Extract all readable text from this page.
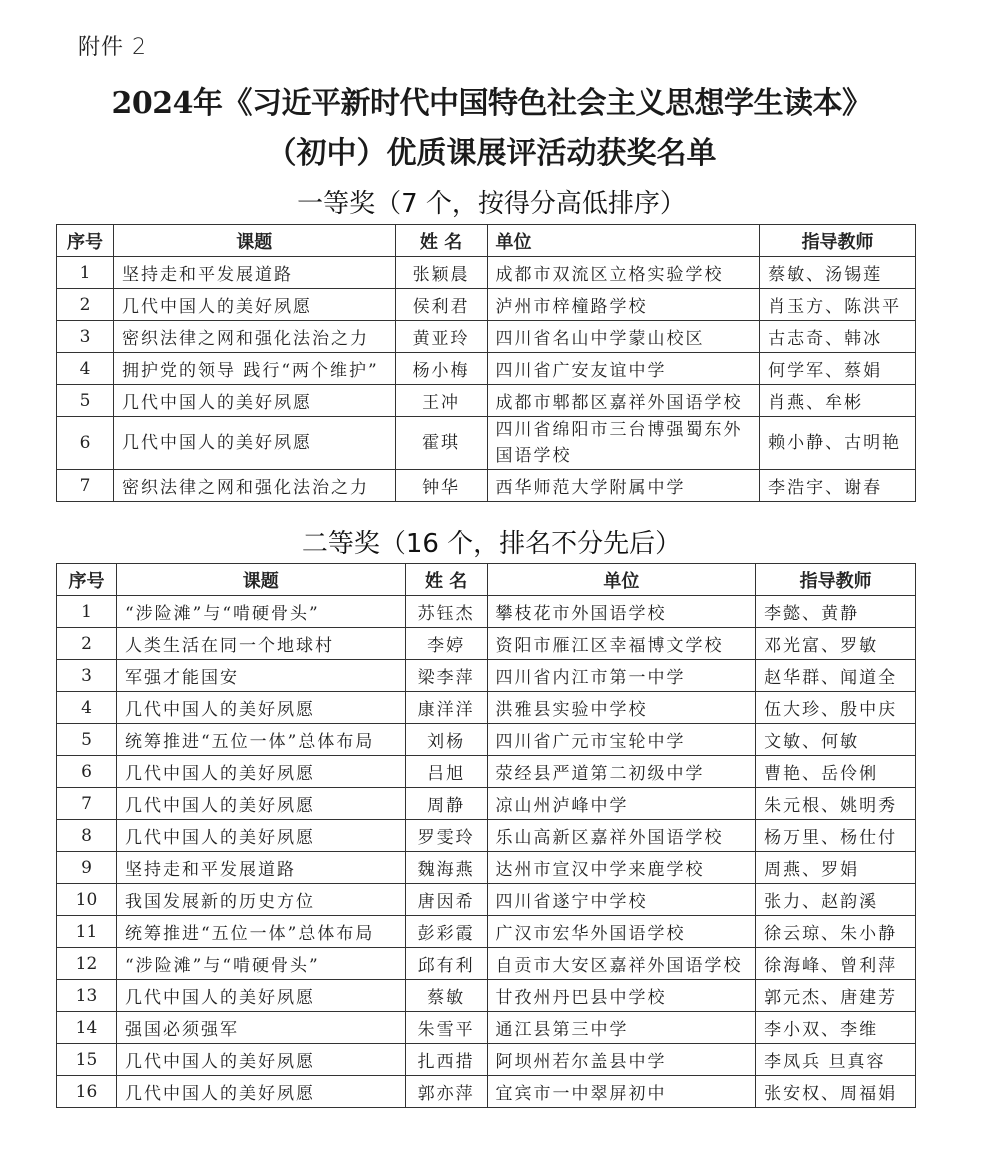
附件 2
2024年《习近平新时代中国特色社会主义思想学生读本》
（初中）优质课展评活动获奖名单
一等奖（7 个，按得分高低排序）
序号	课题	姓 名	单位	指导教师
1	坚持走和平发展道路	张颖晨	成都市双流区立格实验学校	蔡敏、汤锡莲
2	几代中国人的美好夙愿	侯利君	泸州市梓橦路学校	肖玉方、陈洪平
3	密织法律之网和强化法治之力	黄亚玲	四川省名山中学蒙山校区	古志奇、韩冰
4	拥护党的领导 践行“两个维护”	杨小梅	四川省广安友谊中学	何学军、蔡娟
5	几代中国人的美好夙愿	王冲	成都市郫都区嘉祥外国语学校	肖燕、牟彬
6	几代中国人的美好夙愿	霍琪	四川省绵阳市三台博强蜀东外国语学校	赖小静、古明艳
7	密织法律之网和强化法治之力	钟华	西华师范大学附属中学	李浩宇、谢春
二等奖（16 个，排名不分先后）
序号	课题	姓 名	单位	指导教师
1	“涉险滩”与“啃硬骨头”	苏钰杰	攀枝花市外国语学校	李懿、黄静
2	人类生活在同一个地球村	李婷	资阳市雁江区幸福博文学校	邓光富、罗敏
3	军强才能国安	梁李萍	四川省内江市第一中学	赵华群、闻道全
4	几代中国人的美好夙愿	康洋洋	洪雅县实验中学校	伍大珍、殷中庆
5	统筹推进“五位一体”总体布局	刘杨	四川省广元市宝轮中学	文敏、何敏
6	几代中国人的美好夙愿	吕旭	荥经县严道第二初级中学	曹艳、岳伶俐
7	几代中国人的美好夙愿	周静	凉山州泸峰中学	朱元根、姚明秀
8	几代中国人的美好夙愿	罗雯玲	乐山高新区嘉祥外国语学校	杨万里、杨仕付
9	坚持走和平发展道路	魏海燕	达州市宣汉中学来鹿学校	周燕、罗娟
10	我国发展新的历史方位	唐因希	四川省遂宁中学校	张力、赵韵溪
11	统筹推进“五位一体”总体布局	彭彩霞	广汉市宏华外国语学校	徐云琼、朱小静
12	“涉险滩”与“啃硬骨头”	邱有利	自贡市大安区嘉祥外国语学校	徐海峰、曾利萍
13	几代中国人的美好夙愿	蔡敏	甘孜州丹巴县中学校	郭元杰、唐建芳
14	强国必须强军	朱雪平	通江县第三中学	李小双、李维
15	几代中国人的美好夙愿	扎西措	阿坝州若尔盖县中学	李凤兵 旦真容
16	几代中国人的美好夙愿	郭亦萍	宜宾市一中翠屏初中	张安权、周福娟
